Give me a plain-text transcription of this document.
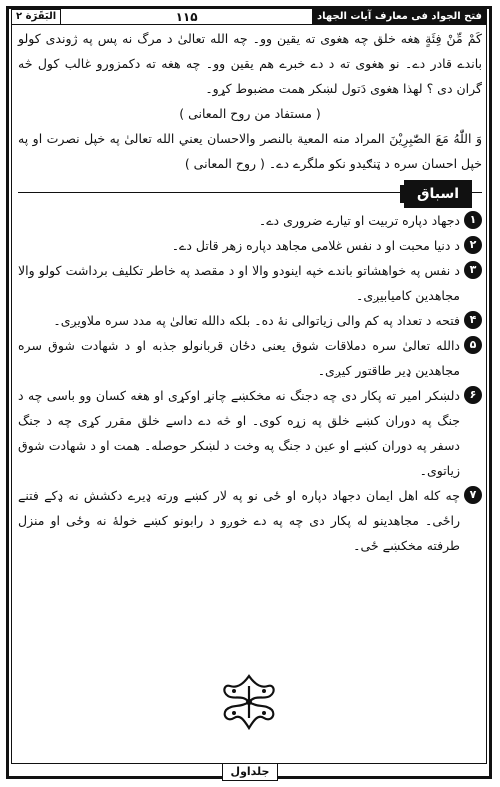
البَقَرَة ۲	۱۱۵	فتح الجواد فی معارف آیات الجهاد

كَمْ مِّنْ فِئَةٍ هغه خلق چه هغوی ته يقين وو۔ چه الله تعالیٰ د مرگ نه پس په ژوندی کولو باندے قادر دے۔ نو هغوی ته د دے خبرے هم يقين وو۔ چه هغه ته دکمزورو غالب کول څه گران دی ؟ لهذا هغوی دَتول لښکر همت مضبوط کړو۔

( مستفاد من روح المعانی )

وَ اللّٰهُ مَعَ الصّٰبِرِيْنَ المراد منه المعية بالنصر والاحسان يعني الله تعالیٰ په خپل نصرت او په خپل احسان سره د ټنګيدو نکو ملگرے دے۔ ( روح المعانی )

اسباق
١
دجهاد دپاره تربيت او تيارے ضروری دے۔
٢
د دنيا محبت او د نفس غلامی مجاهد دپاره زهر قاتل دے۔
٣
د نفس په خواهشاتو باندے خپه اينودو والا او د مقصد په خاطر تکليف برداشت کولو والا مجاهدين کاميابيږی۔
۴
فتحه د تعداد په کم والی زياتوالی نهٔ ده۔ بلکه دالله تعالیٰ په مدد سره ملاويږی۔
۵
دالله تعالیٰ سره دملاقات شوق يعنی دځان قربانولو جذبه او د شهادت شوق سره مجاهدين ډير طاقتور کيږی۔
۶
دلښکر امير ته پکار دی چه دجنگ نه مخکښے چانړ اوکړی او هغه کسان وو باسی چه د جنگ په دوران کښے خلق په زړه کوی۔ او څه دے داسے خلق مقرر کړی چه د جنگ دسفر په دوران کښے او عين د جنگ په وخت د لښکر حوصله۔ همت او د شهادت شوق زياتوی۔
٧
چه کله اهل ايمان دجهاد دپاره او ځی نو په لار کښے ورته ډيرے دکشش نه ډکے فتنے راځی۔ مجاهدينو له پکار دی چه په دے خوږو د رابونو کښے خولهٔ نه وځی او منزل طرفته مخکښے ځی۔
جلداول
